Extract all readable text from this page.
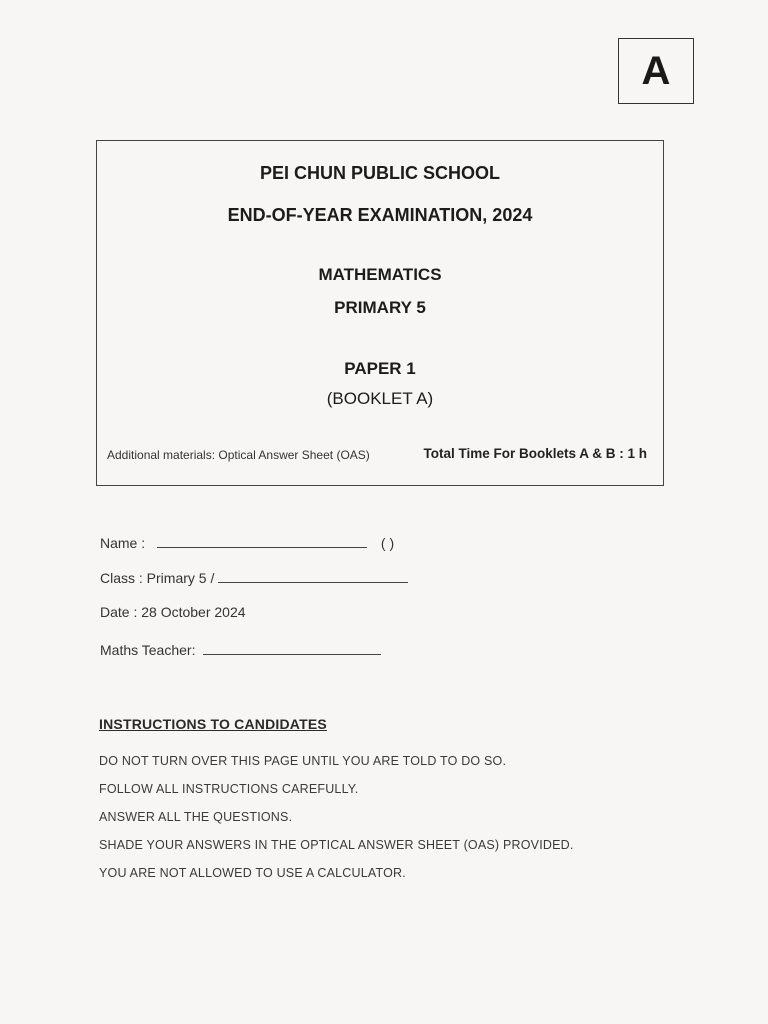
A
PEI CHUN PUBLIC SCHOOL
END-OF-YEAR EXAMINATION, 2024
MATHEMATICS
PRIMARY 5
PAPER 1
(BOOKLET A)
Additional materials: Optical Answer Sheet (OAS)	Total Time For Booklets A & B : 1 h
Name :	( )
Class : Primary 5 /
Date : 28 October 2024
Maths Teacher:
INSTRUCTIONS TO CANDIDATES
DO NOT TURN OVER THIS PAGE UNTIL YOU ARE TOLD TO DO SO.
FOLLOW ALL INSTRUCTIONS CAREFULLY.
ANSWER ALL THE QUESTIONS.
SHADE YOUR ANSWERS IN THE OPTICAL ANSWER SHEET (OAS) PROVIDED.
YOU ARE NOT ALLOWED TO USE A CALCULATOR.
